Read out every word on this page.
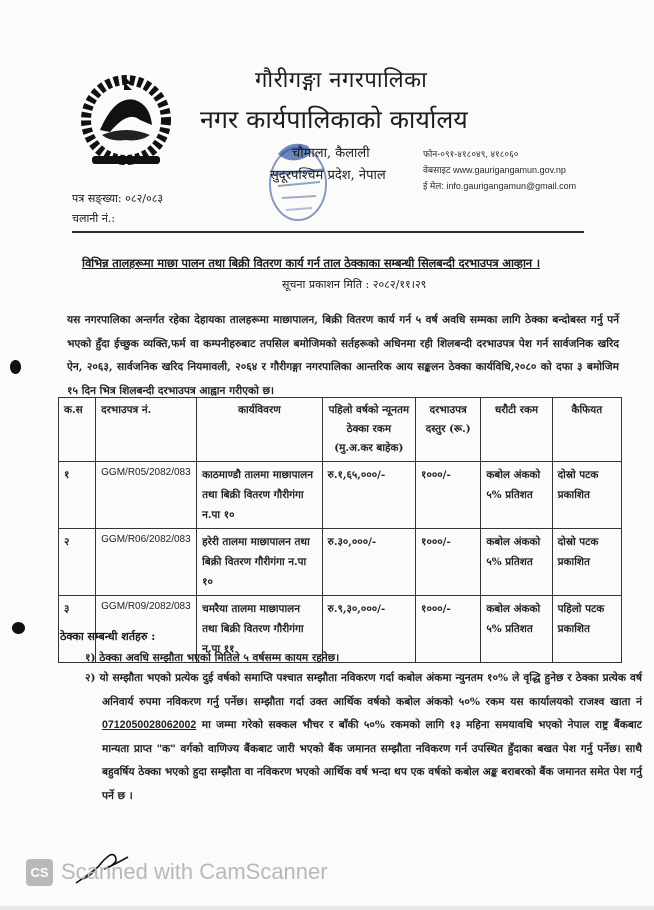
गौरीगङ्गा नगरपालिका
नगर कार्यपालिकाको कार्यालय
चौमाला, कैलाली
सुदूरपश्चिम प्रदेश, नेपाल
फोन-०९१-४१८०४९, ४१८०६०
वेबसाइट www.gaurigangamun.gov.np
ई मेल: info.gaurigangamun@gmail.com
पत्र सङ्ख्या: ०८२/०८३
चलानी नं.:
विभिन्न तालहरूमा माछा पालन तथा बिक्री वितरण कार्य गर्न ताल ठेक्काका सम्बन्धी सिलबन्दी दरभाउपत्र आव्हान ।
सूचना प्रकाशन मिति : २०८२/११।२९
यस नगरपालिका अन्तर्गत रहेका देहायका तालहरूमा माछापालन, बिक्री वितरण कार्य गर्न ५ वर्ष अवधि सम्मका लागि ठेक्का बन्दोबस्त गर्नु पर्ने भएको हुँदा ईच्छुक व्यक्ति,फर्म वा कम्पनीहरुबाट तपसिल बमोजिमको सर्तहरूको अधिनमा रही शिलबन्दी दरभाउपत्र पेश गर्न सार्वजनिक खरिद ऐन, २०६३, सार्वजनिक खरिद नियमावली, २०६४ र गौरीगङ्गा नगरपालिका आन्तरिक आय सङ्कलन ठेक्का कार्यविधि,२०८० को दफा ३ बमोजिम १५ दिन भित्र शिलबन्दी दरभाउपत्र आह्वान गरीएको छ।
क.स	दरभाउपत्र नं.	कार्यविवरण	पहिलो वर्षको न्यूनतम ठेक्का रकम (मु.अ.कर बाहेक)	दरभाउपत्र दस्तुर (रू.)	धरौटी रकम	कैफियत
१	GGM/R05/2082/083	काठमाण्डौ तालमा माछापालन तथा बिक्री वितरण गौरीगंगा न.पा १०	रु.१,६५,०००/-	१०००/-	कबोल अंकको ५% प्रतिशत	दोस्रो पटक प्रकाशित
२	GGM/R06/2082/083	हरेरी तालमा माछापालन तथा बिक्री वितरण गौरीगंगा न.पा १०	रु.३०,०००/-	१०००/-	कबोल अंकको ५% प्रतिशत	दोस्रो पटक प्रकाशित
३	GGM/R09/2082/083	चमरैया तालमा माछापालन तथा बिक्री वितरण गौरीगंगा न.पा ११	रु.९,३०,०००/-	१०००/-	कबोल अंकको ५% प्रतिशत	पहिलो पटक प्रकाशित
ठेक्का सम्बन्धी शर्तहरु :
१) ठेक्का अवधि सम्झौता भएको मितिले ५ वर्षसम्म कायम रहनेछ।
२) यो सम्झौता भएको प्रत्येक दुई वर्षको समाप्ति पश्चात सम्झौता नविकरण गर्दा कबोल अंकमा न्युनतम १०% ले वृद्धि हुनेछ र ठेक्का प्रत्येक वर्ष अनिवार्य रुपमा नविकरण गर्नु पर्नेछ। सम्झौता गर्दा उक्त आर्थिक वर्षको कबोल अंकको ५०% रकम यस कार्यालयको राजश्व खाता नं 0712050028062002 मा जम्मा गरेको सक्कल भौचर र बाँकी ५०% रकमको लागि १३ महिना समयावधि भएको नेपाल राष्ट्र बैंकबाट मान्यता प्राप्त "क" वर्गको वाणिज्य बैंकबाट जारी भएको बैंक जमानत सम्झौता नविकरण गर्न उपस्थित हुँदाका बखत पेश गर्नु पर्नेछ। साथै बहुवर्षिय ठेक्का भएको हुदा सम्झौता वा नविकरण भएको आर्थिक वर्ष भन्दा थप एक वर्षको कबोल अङ्क बराबरको बैंक जमानत समेत पेश गर्नु पर्ने छ ।
CS Scanned with CamScanner
